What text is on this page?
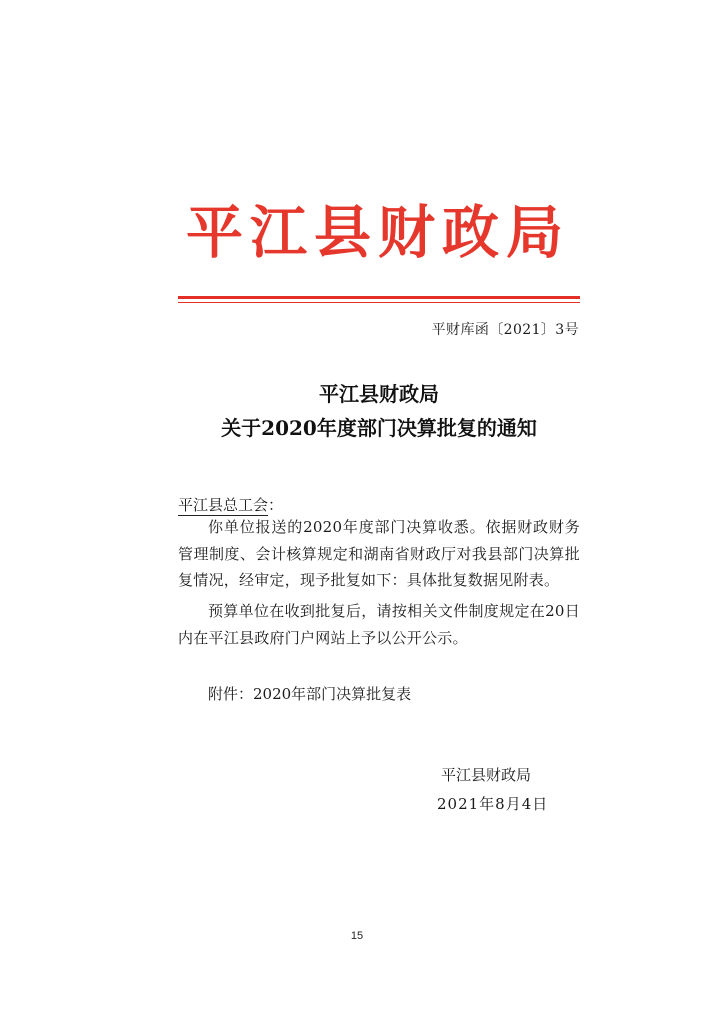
平江县财政局
平财库函〔2021〕3号
平江县财政局
关于2020年度部门决算批复的通知
平江县总工会：
你单位报送的2020年度部门决算收悉。依据财政财务管理制度、会计核算规定和湖南省财政厅对我县部门决算批复情况，经审定，现予批复如下：具体批复数据见附表。
预算单位在收到批复后，请按相关文件制度规定在20日内在平江县政府门户网站上予以公开公示。
附件：2020年部门决算批复表
平江县财政局
2021年8月4日
15
